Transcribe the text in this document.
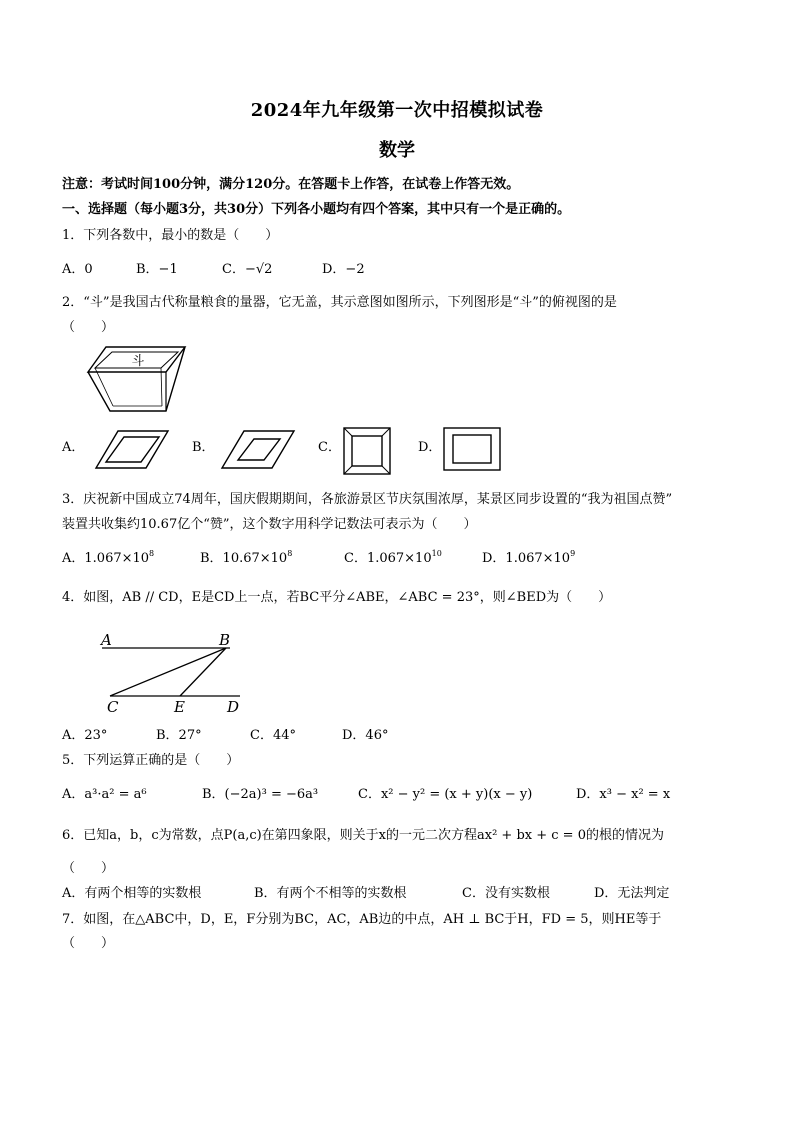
2024年九年级第一次中招模拟试卷
数学
注意：考试时间100分钟，满分120分。在答题卡上作答，在试卷上作答无效。
一、选择题（每小题3分，共30分）下列各小题均有四个答案，其中只有一个是正确的。
1．下列各数中，最小的数是（　　）
A．0	B．−1	C．−√2	D．−2
2．“斗”是我国古代称量粮食的量器，它无盖，其示意图如图所示，下列图形是“斗”的俯视图的是
（　　）
斗
A．	B．	C．	D．
3．庆祝新中国成立74周年，国庆假期期间，各旅游景区节庆氛围浓厚，某景区同步设置的“我为祖国点赞”
装置共收集约10.67亿个“赞”，这个数字用科学记数法可表示为（　　）
A．$1.067\times 10^8$	B．$10.67\times 10^8$	C．$1.067\times 10^{10}$	D．$1.067\times 10^9$
4．如图，AB // CD，E是CD上一点，若BC平分∠ABE，∠ABC = 23°，则∠BED为（　　）
A	B
C	E	D
A．23°	B．27°	C．44°	D．46°
5．下列运算正确的是（　　）
A．a³·a² = a⁶	B．(−2a)³ = −6a³	C．x² − y² = (x + y)(x − y)	D．x³ − x² = x
6．已知a，b，c为常数，点P(a,c)在第四象限，则关于x的一元二次方程ax² + bx + c = 0的根的情况为
（　　）
A．有两个相等的实数根	B．有两个不相等的实数根	C．没有实数根	D．无法判定
7．如图，在△ABC中，D，E，F分别为BC，AC，AB边的中点，AH ⊥ BC于H，FD = 5，则HE等于
（　　）
